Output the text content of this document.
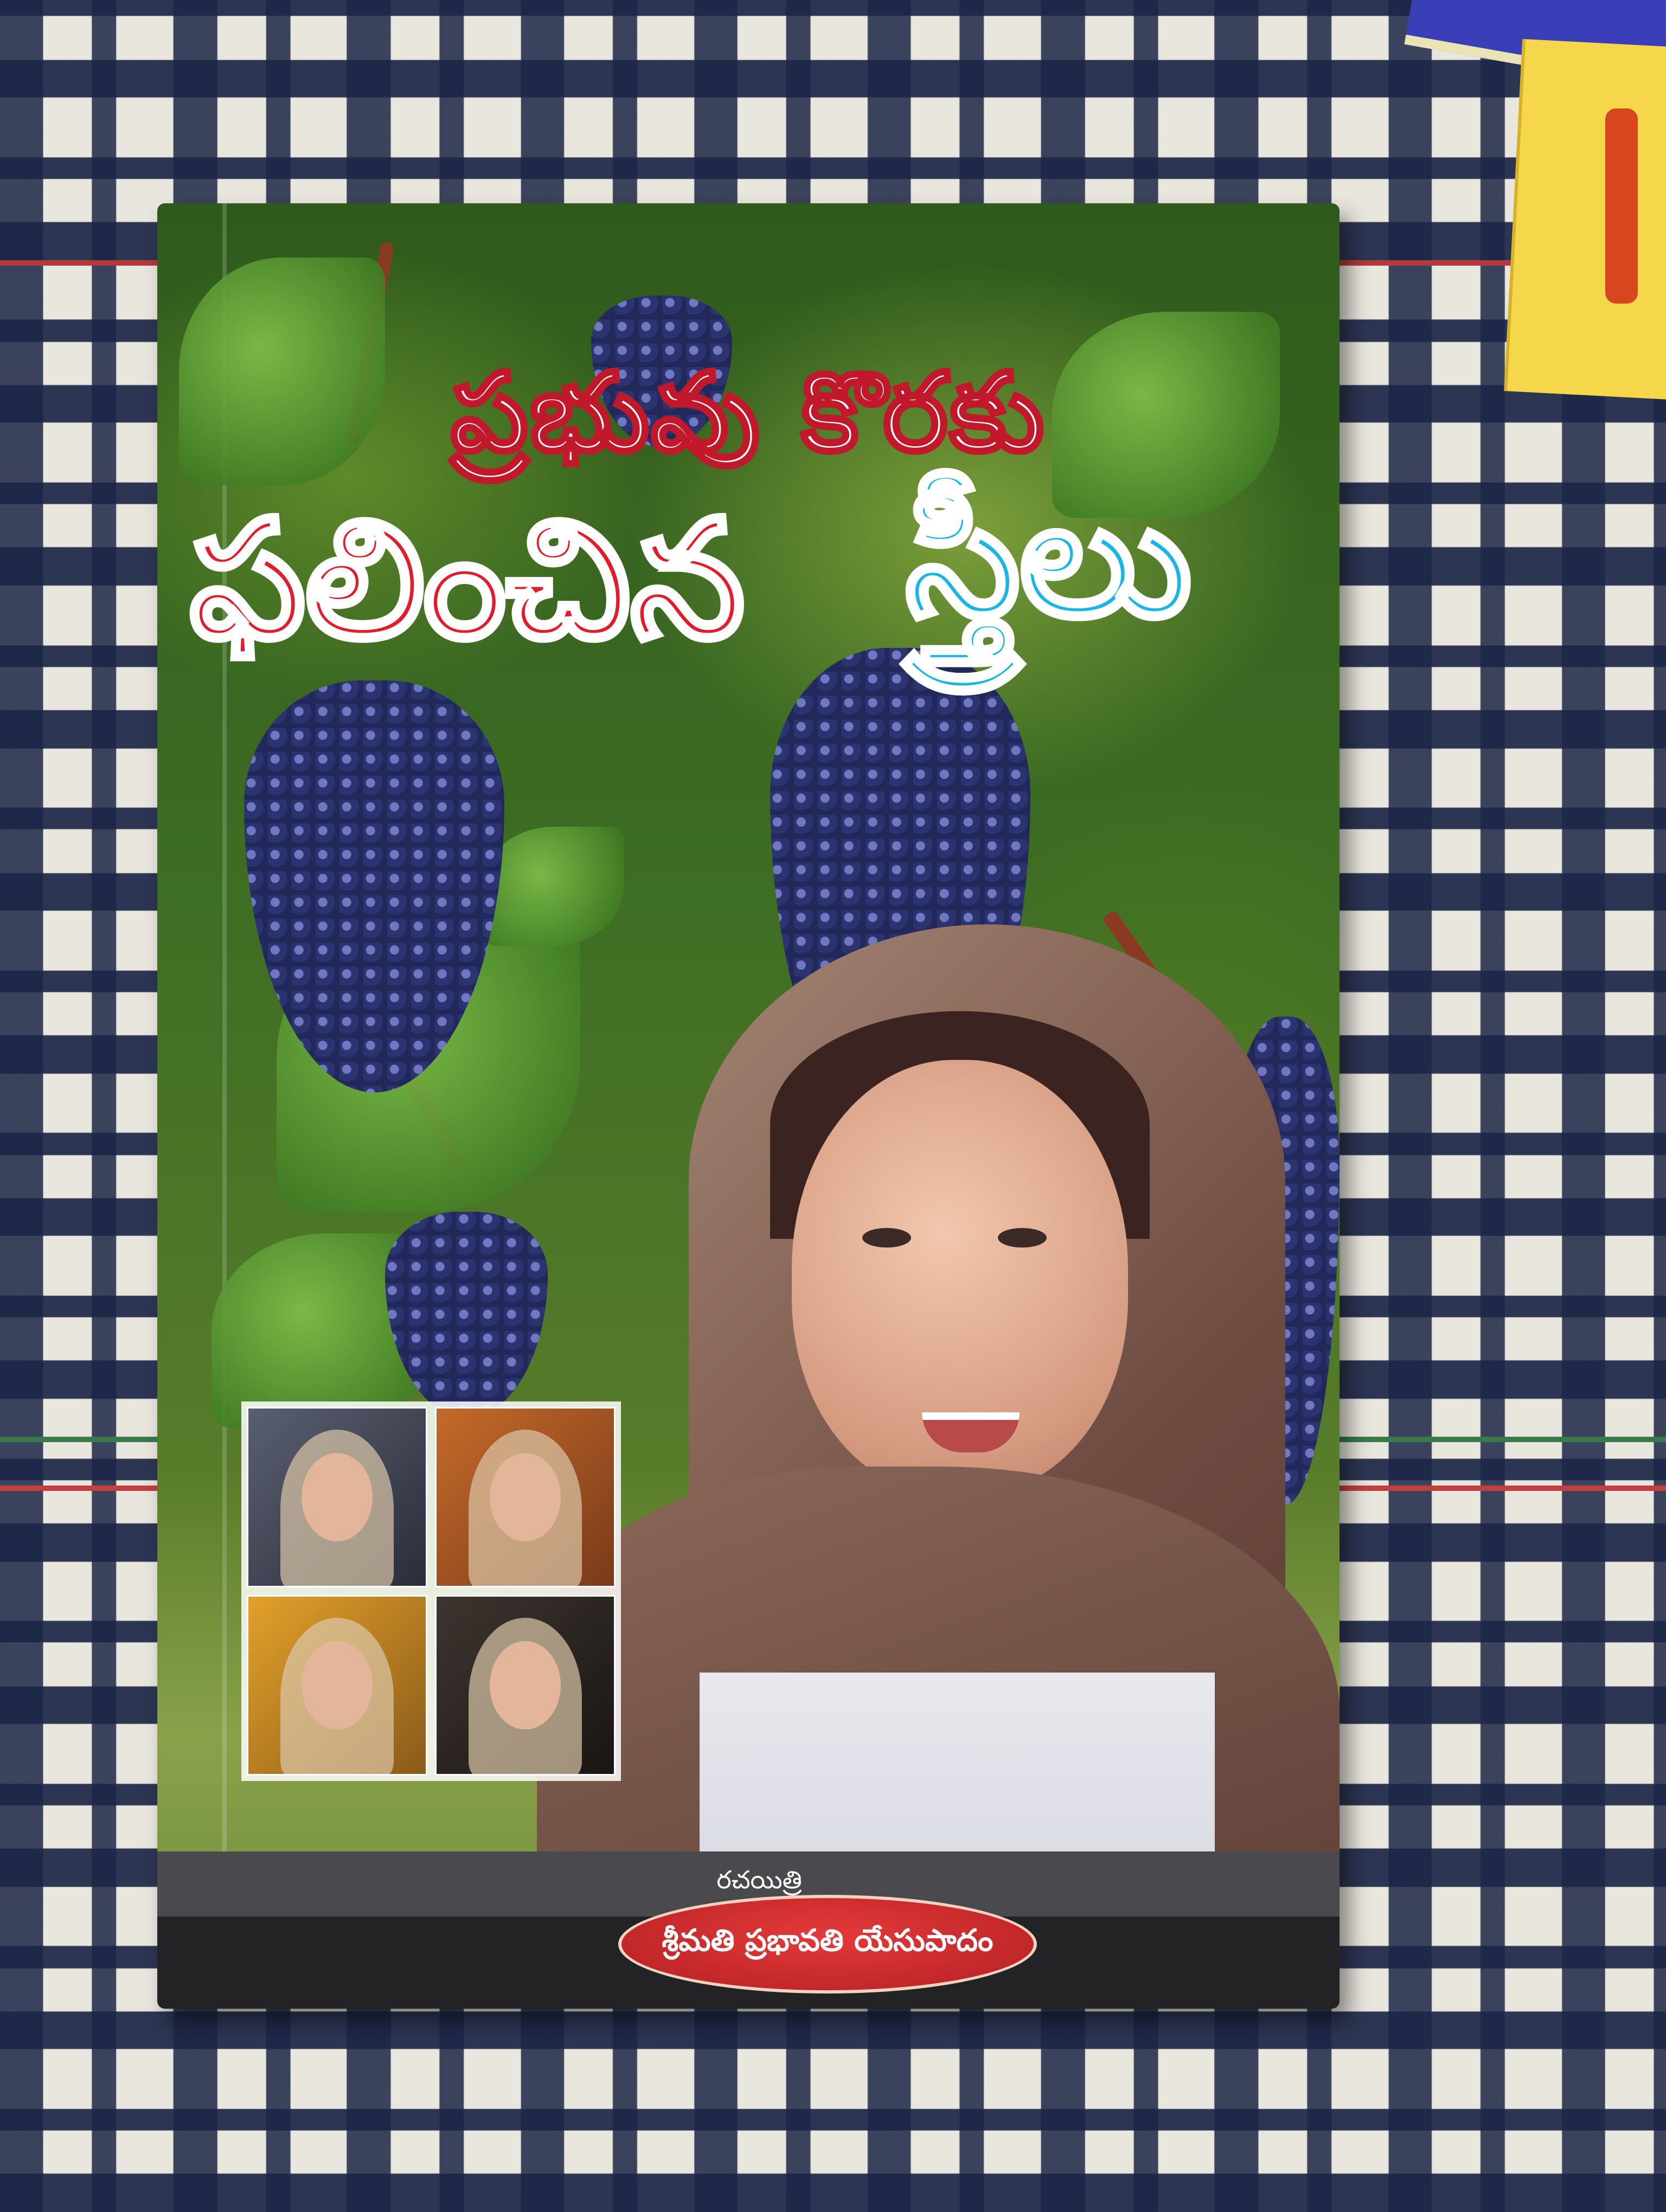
ప్రభువు కొరకు

ఫలించిన స్త్రీలు

రచయిత్రి

శ్రీమతి ప్రభావతి యేసుపాదం
